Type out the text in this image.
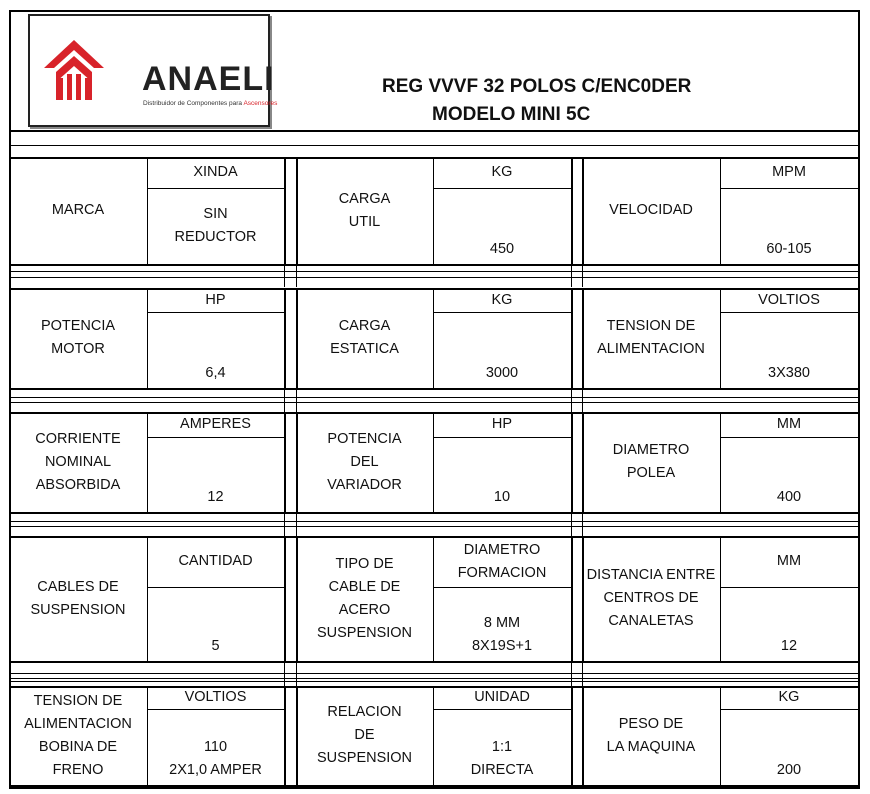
ANAELI
Distribuidor de Componentes para Ascensores
REG VVVF 32 POLOS C/ENC0DER
MODELO MINI 5C
MARCA
XINDA
SIN
REDUCTOR
CARGA
UTIL
KG
450
VELOCIDAD
MPM
60-105
POTENCIA
MOTOR
HP
6,4
CARGA
ESTATICA
KG
3000
TENSION DE
ALIMENTACION
VOLTIOS
3X380
CORRIENTE
NOMINAL
ABSORBIDA
AMPERES
12
POTENCIA
DEL
VARIADOR
HP
10
DIAMETRO
POLEA
MM
400
CABLES DE
SUSPENSION
CANTIDAD
5
TIPO DE
CABLE DE
ACERO
SUSPENSION
DIAMETRO
FORMACION
8 MM
8X19S+1
DISTANCIA ENTRE
CENTROS DE
CANALETAS
MM
12
TENSION DE
ALIMENTACION
BOBINA DE
FRENO
VOLTIOS
110
2X1,0 AMPER
RELACION
DE
SUSPENSION
UNIDAD
1:1
DIRECTA
PESO DE
LA MAQUINA
KG
200
